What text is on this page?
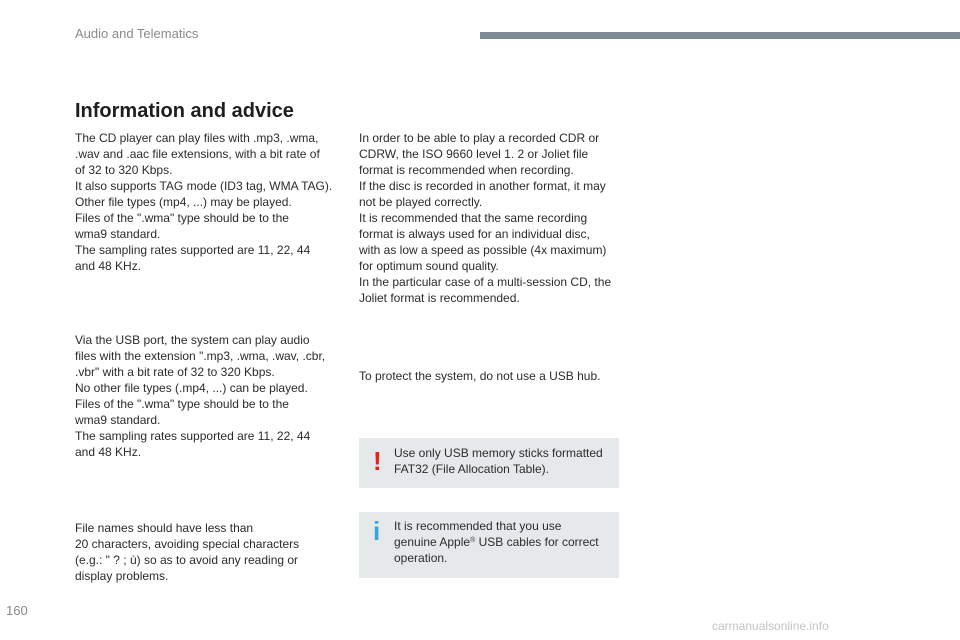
Audio and Telematics
Information and advice
The CD player can play files with .mp3, .wma,
.wav and .aac file extensions, with a bit rate of
of 32 to 320 Kbps.
It also supports TAG mode (ID3 tag, WMA TAG).
Other file types (mp4, ...) may be played.
Files of the ".wma" type should be to the
wma9 standard.
The sampling rates supported are 11, 22, 44
and 48 KHz.
Via the USB port, the system can play audio
files with the extension ".mp3, .wma, .wav, .cbr,
.vbr" with a bit rate of 32 to 320 Kbps.
No other file types (.mp4, ...) can be played.
Files of the ".wma" type should be to the
wma9 standard.
The sampling rates supported are 11, 22, 44
and 48 KHz.
File names should have less than
20 characters, avoiding special characters
(e.g.: " ? ; ù) so as to avoid any reading or
display problems.
In order to be able to play a recorded CDR or
CDRW, the ISO 9660 level 1. 2 or Joliet file
format is recommended when recording.
If the disc is recorded in another format, it may
not be played correctly.
It is recommended that the same recording
format is always used for an individual disc,
with as low a speed as possible (4x maximum)
for optimum sound quality.
In the particular case of a multi-session CD, the
Joliet format is recommended.
To protect the system, do not use a USB hub.
! Use only USB memory sticks formatted
FAT32 (File Allocation Table).
i It is recommended that you use
genuine Apple® USB cables for correct
operation.
160
carmanualsonline.info
